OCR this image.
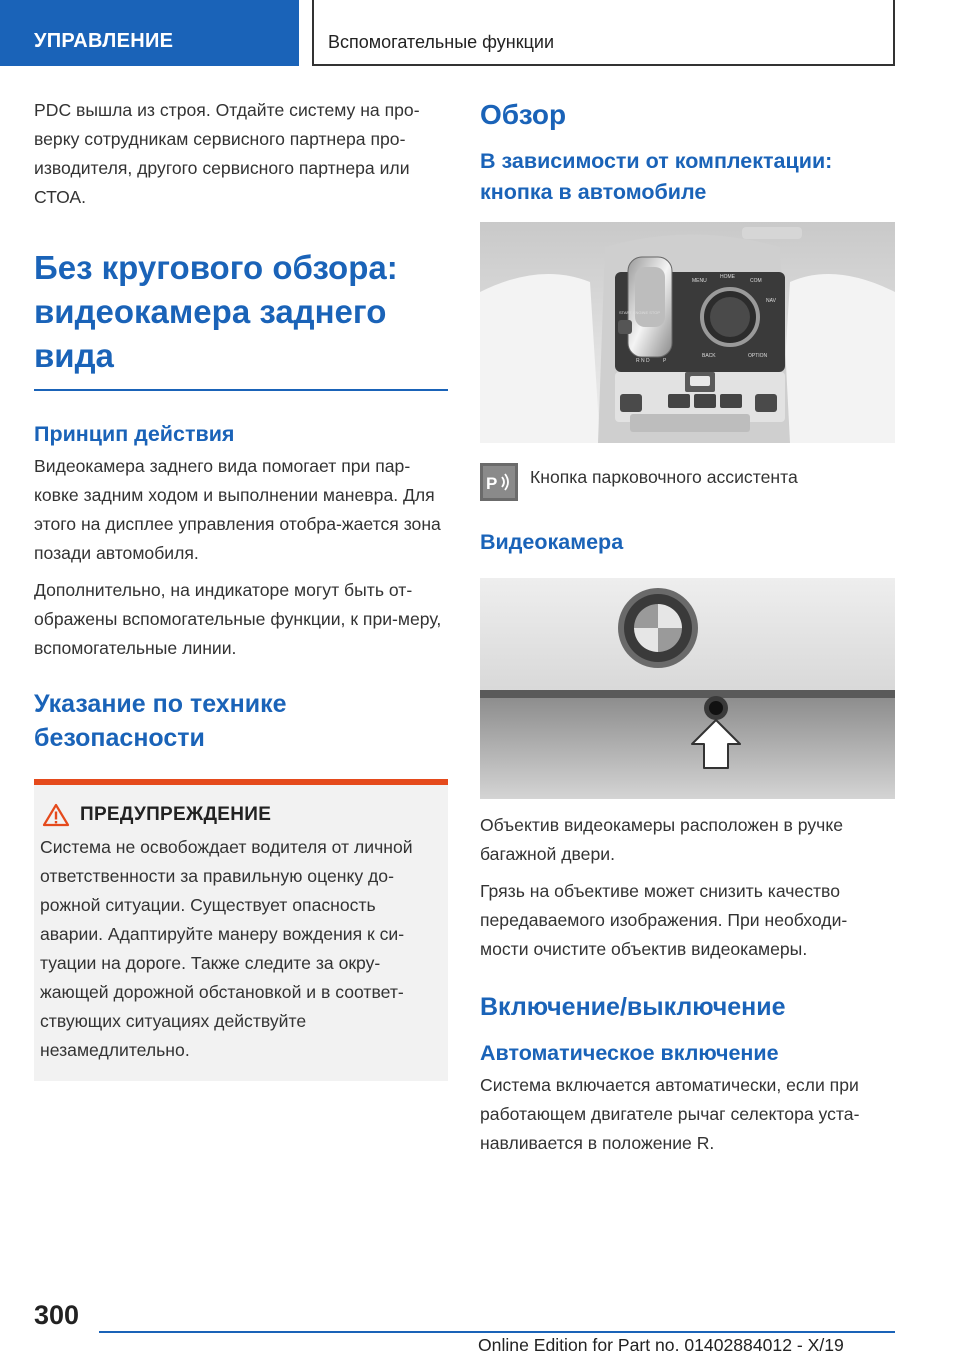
УПРАВЛЕНИЕ	Вспомогательные функции

PDC вышла из строя. Отдайте систему на про‐верку сотрудникам сервисного партнера про‐изводителя, другого сервисного партнера или СТОА.

Без кругового обзора: видеокамера заднего вида
Принцип действия

Видеокамера заднего вида помогает при пар‐ковке задним ходом и выполнении маневра. Для этого на дисплее управления отобра‐жается зона позади автомобиля.

Дополнительно, на индикаторе могут быть от‐ображены вспомогательные функции, к при‐меру, вспомогательные линии.

Указание по технике безопасности
ПРЕДУПРЕЖДЕНИЕ

Система не освобождает водителя от личной ответственности за правильную оценку до‐рожной ситуации. Существует опасность аварии. Адаптируйте манеру вождения к си‐туации на дороге. Также следите за окру‐жающей дорожной обстановкой и в соответ‐ствующих ситуациях действуйте незамедлительно.

Обзор
В зависимости от комплектации: кнопка в автомобиле
MENU
HOME
COM
NAV
BACK	OPTION
START ENGINE STOP
R N D	P
P Кнопка парковочного ассистента
Видеокамера

Объектив видеокамеры расположен в ручке багажной двери.

Грязь на объективе может снизить качество передаваемого изображения. При необходи‐мости очистите объектив видеокамеры.

Включение/выключение
Автоматическое включение

Система включается автоматически, если при работающем двигателе рычаг селектора уста‐навливается в положение R.

300
Online Edition for Part no. 01402884012 - X/19
